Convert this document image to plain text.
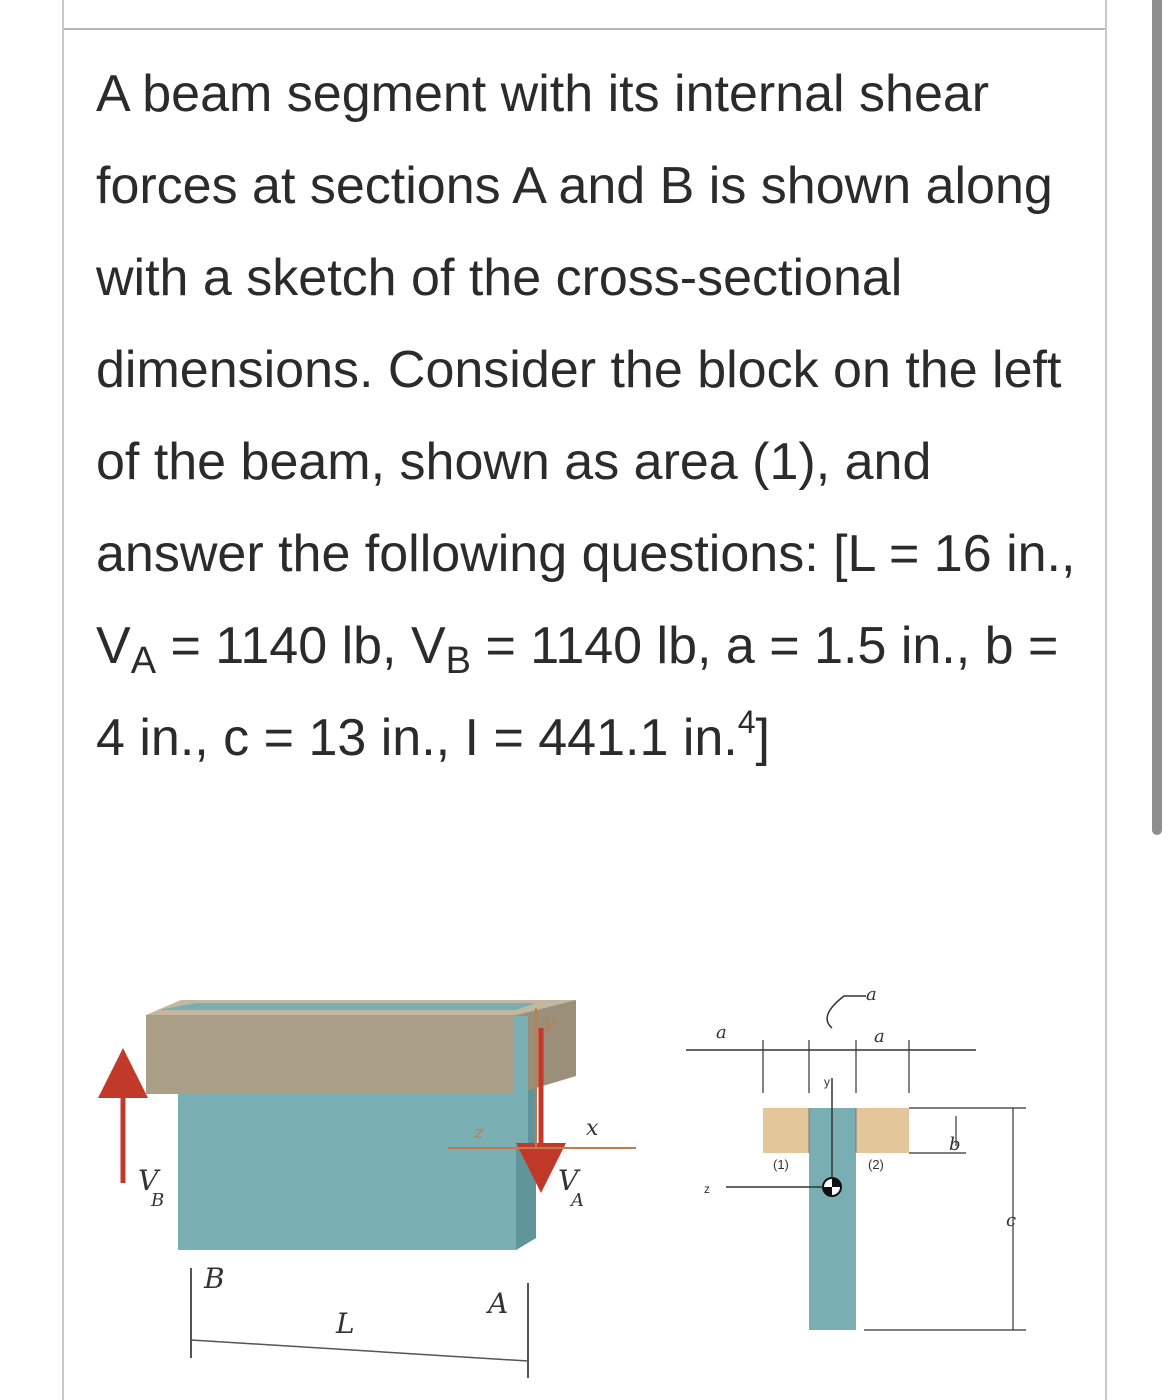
A beam segment with its internal shear forces at sections A and B is shown along with a sketch of the cross-sectional dimensions. Consider the block on the left of the beam, shown as area (1), and answer the following questions: [L = 16 in., $V_A = 1140$ lb, $V_B = 1140$ lb, a = 1.5 in., b = 4 in., c = 13 in., I = 441.1 in.$^4$]

V
B
V
A
x
y
z
B
A
L
a
a	a
b
c
y
z
(1)	(2)
